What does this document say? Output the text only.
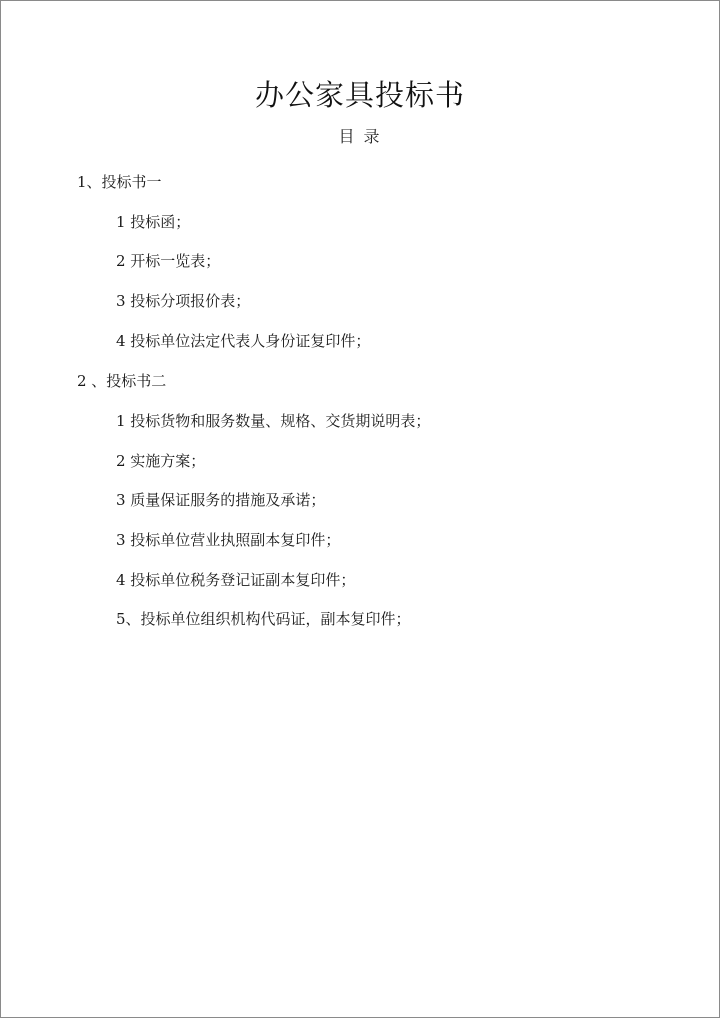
办公家具投标书
目 录
1、投标书一
1 投标函；
2 开标一览表；
3 投标分项报价表；
4 投标单位法定代表人身份证复印件；
2 、投标书二
1 投标货物和服务数量、规格、交货期说明表；
2 实施方案；
3 质量保证服务的措施及承诺；
3 投标单位营业执照副本复印件；
4 投标单位税务登记证副本复印件；
5、投标单位组织机构代码证，副本复印件；
